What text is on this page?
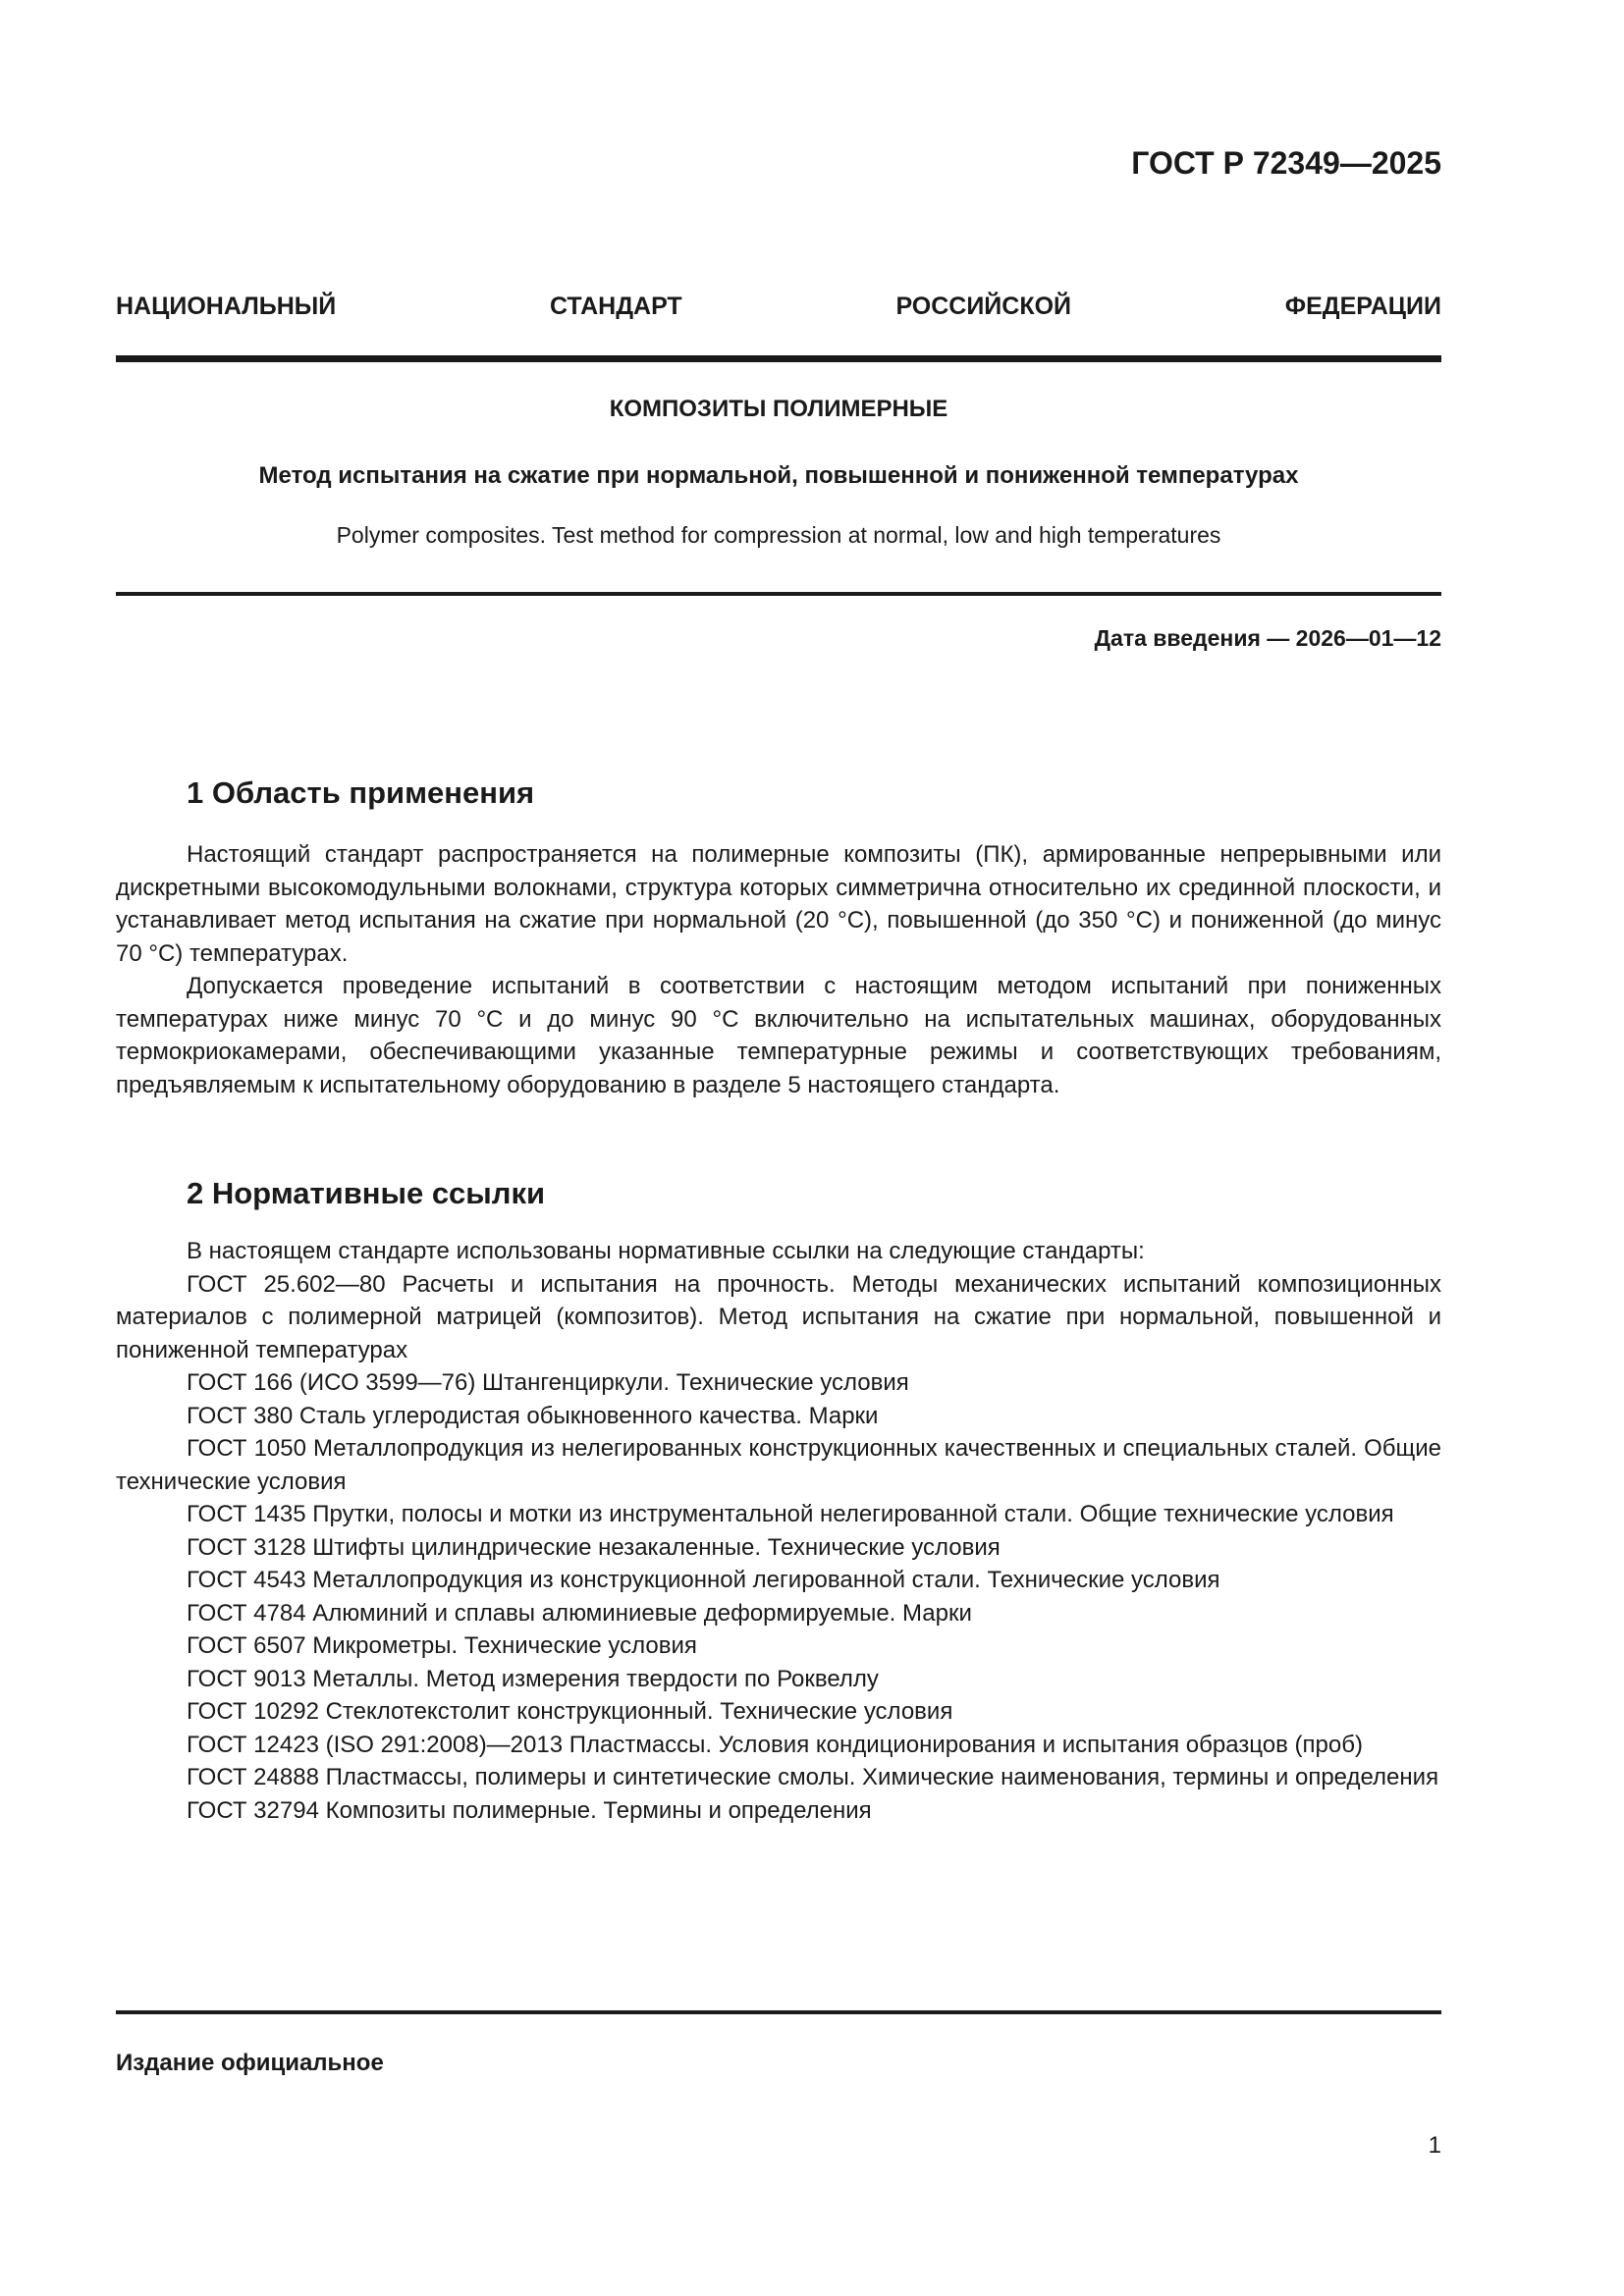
ГОСТ Р 72349—2025
НАЦИОНАЛЬНЫЙ СТАНДАРТ РОССИЙСКОЙ ФЕДЕРАЦИИ
КОМПОЗИТЫ ПОЛИМЕРНЫЕ
Метод испытания на сжатие при нормальной, повышенной и пониженной температурах
Polymer composites. Test method for compression at normal, low and high temperatures
Дата введения — 2026—01—12
1 Область применения

Настоящий стандарт распространяется на полимерные композиты (ПК), армированные непрерывными или дискретными высокомодульными волокнами, структура которых симметрична относительно их срединной плоскости, и устанавливает метод испытания на сжатие при нормальной (20 °С), повышенной (до 350 °С) и пониженной (до минус 70 °С) температурах.

Допускается проведение испытаний в соответствии с настоящим методом испытаний при пониженных температурах ниже минус 70 °С и до минус 90 °С включительно на испытательных машинах, оборудованных термокриокамерами, обеспечивающими указанные температурные режимы и соответствующих требованиям, предъявляемым к испытательному оборудованию в разделе 5 настоящего стандарта.

2 Нормативные ссылки

В настоящем стандарте использованы нормативные ссылки на следующие стандарты:

ГОСТ 25.602—80 Расчеты и испытания на прочность. Методы механических испытаний композиционных материалов с полимерной матрицей (композитов). Метод испытания на сжатие при нормальной, повышенной и пониженной температурах

ГОСТ 166 (ИСО 3599—76) Штангенциркули. Технические условия

ГОСТ 380 Сталь углеродистая обыкновенного качества. Марки

ГОСТ 1050 Металлопродукция из нелегированных конструкционных качественных и специальных сталей. Общие технические условия

ГОСТ 1435 Прутки, полосы и мотки из инструментальной нелегированной стали. Общие технические условия

ГОСТ 3128 Штифты цилиндрические незакаленные. Технические условия

ГОСТ 4543 Металлопродукция из конструкционной легированной стали. Технические условия

ГОСТ 4784 Алюминий и сплавы алюминиевые деформируемые. Марки

ГОСТ 6507 Микрометры. Технические условия

ГОСТ 9013 Металлы. Метод измерения твердости по Роквеллу

ГОСТ 10292 Стеклотекстолит конструкционный. Технические условия

ГОСТ 12423 (ISO 291:2008)—2013 Пластмассы. Условия кондиционирования и испытания образцов (проб)

ГОСТ 24888 Пластмассы, полимеры и синтетические смолы. Химические наименования, термины и определения

ГОСТ 32794 Композиты полимерные. Термины и определения

Издание официальное
1
